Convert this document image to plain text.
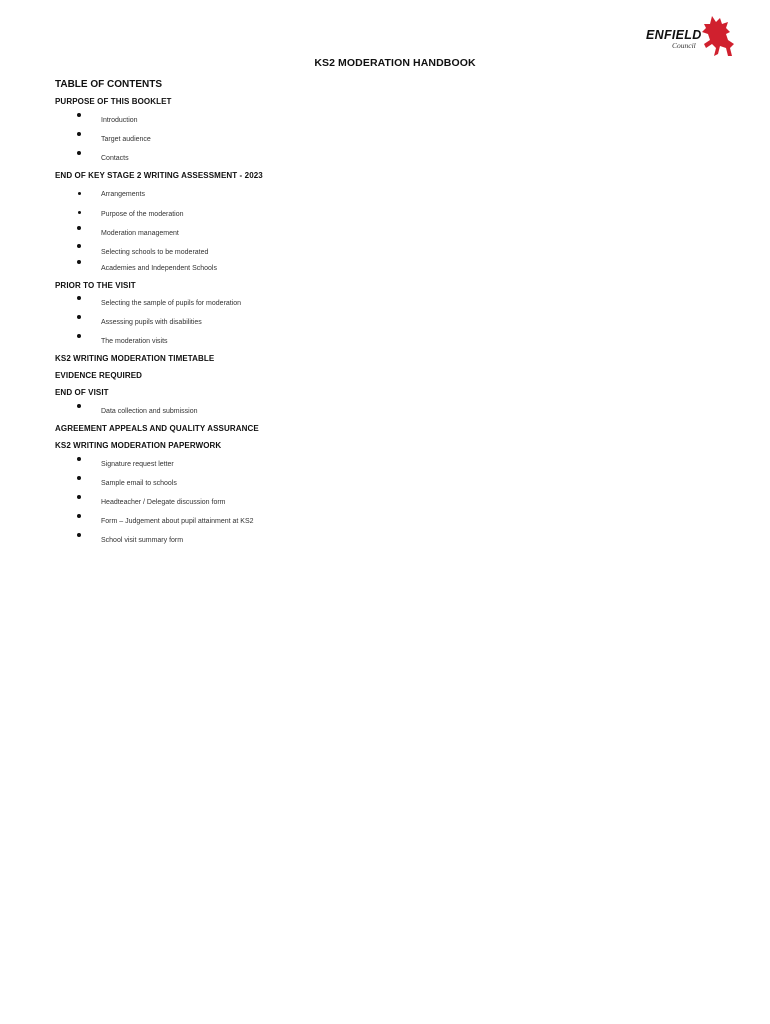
ENFIELD
Council
KS2 MODERATION HANDBOOK
TABLE OF CONTENTS
PURPOSE OF THIS BOOKLET
Introduction
Target audience
Contacts
END OF KEY STAGE 2 WRITING ASSESSMENT - 2023
Arrangements
Purpose of the moderation
Moderation management
Selecting schools to be moderated
Academies and Independent Schools
PRIOR TO THE VISIT
Selecting the sample of pupils for moderation
Assessing pupils with disabilities
The moderation visits
KS2 WRITING MODERATION TIMETABLE
EVIDENCE REQUIRED
END OF VISIT
Data collection and submission
AGREEMENT APPEALS AND QUALITY ASSURANCE
KS2 WRITING MODERATION PAPERWORK
Signature request letter
Sample email to schools
Headteacher / Delegate discussion form
Form – Judgement about pupil attainment at KS2
School visit summary form
